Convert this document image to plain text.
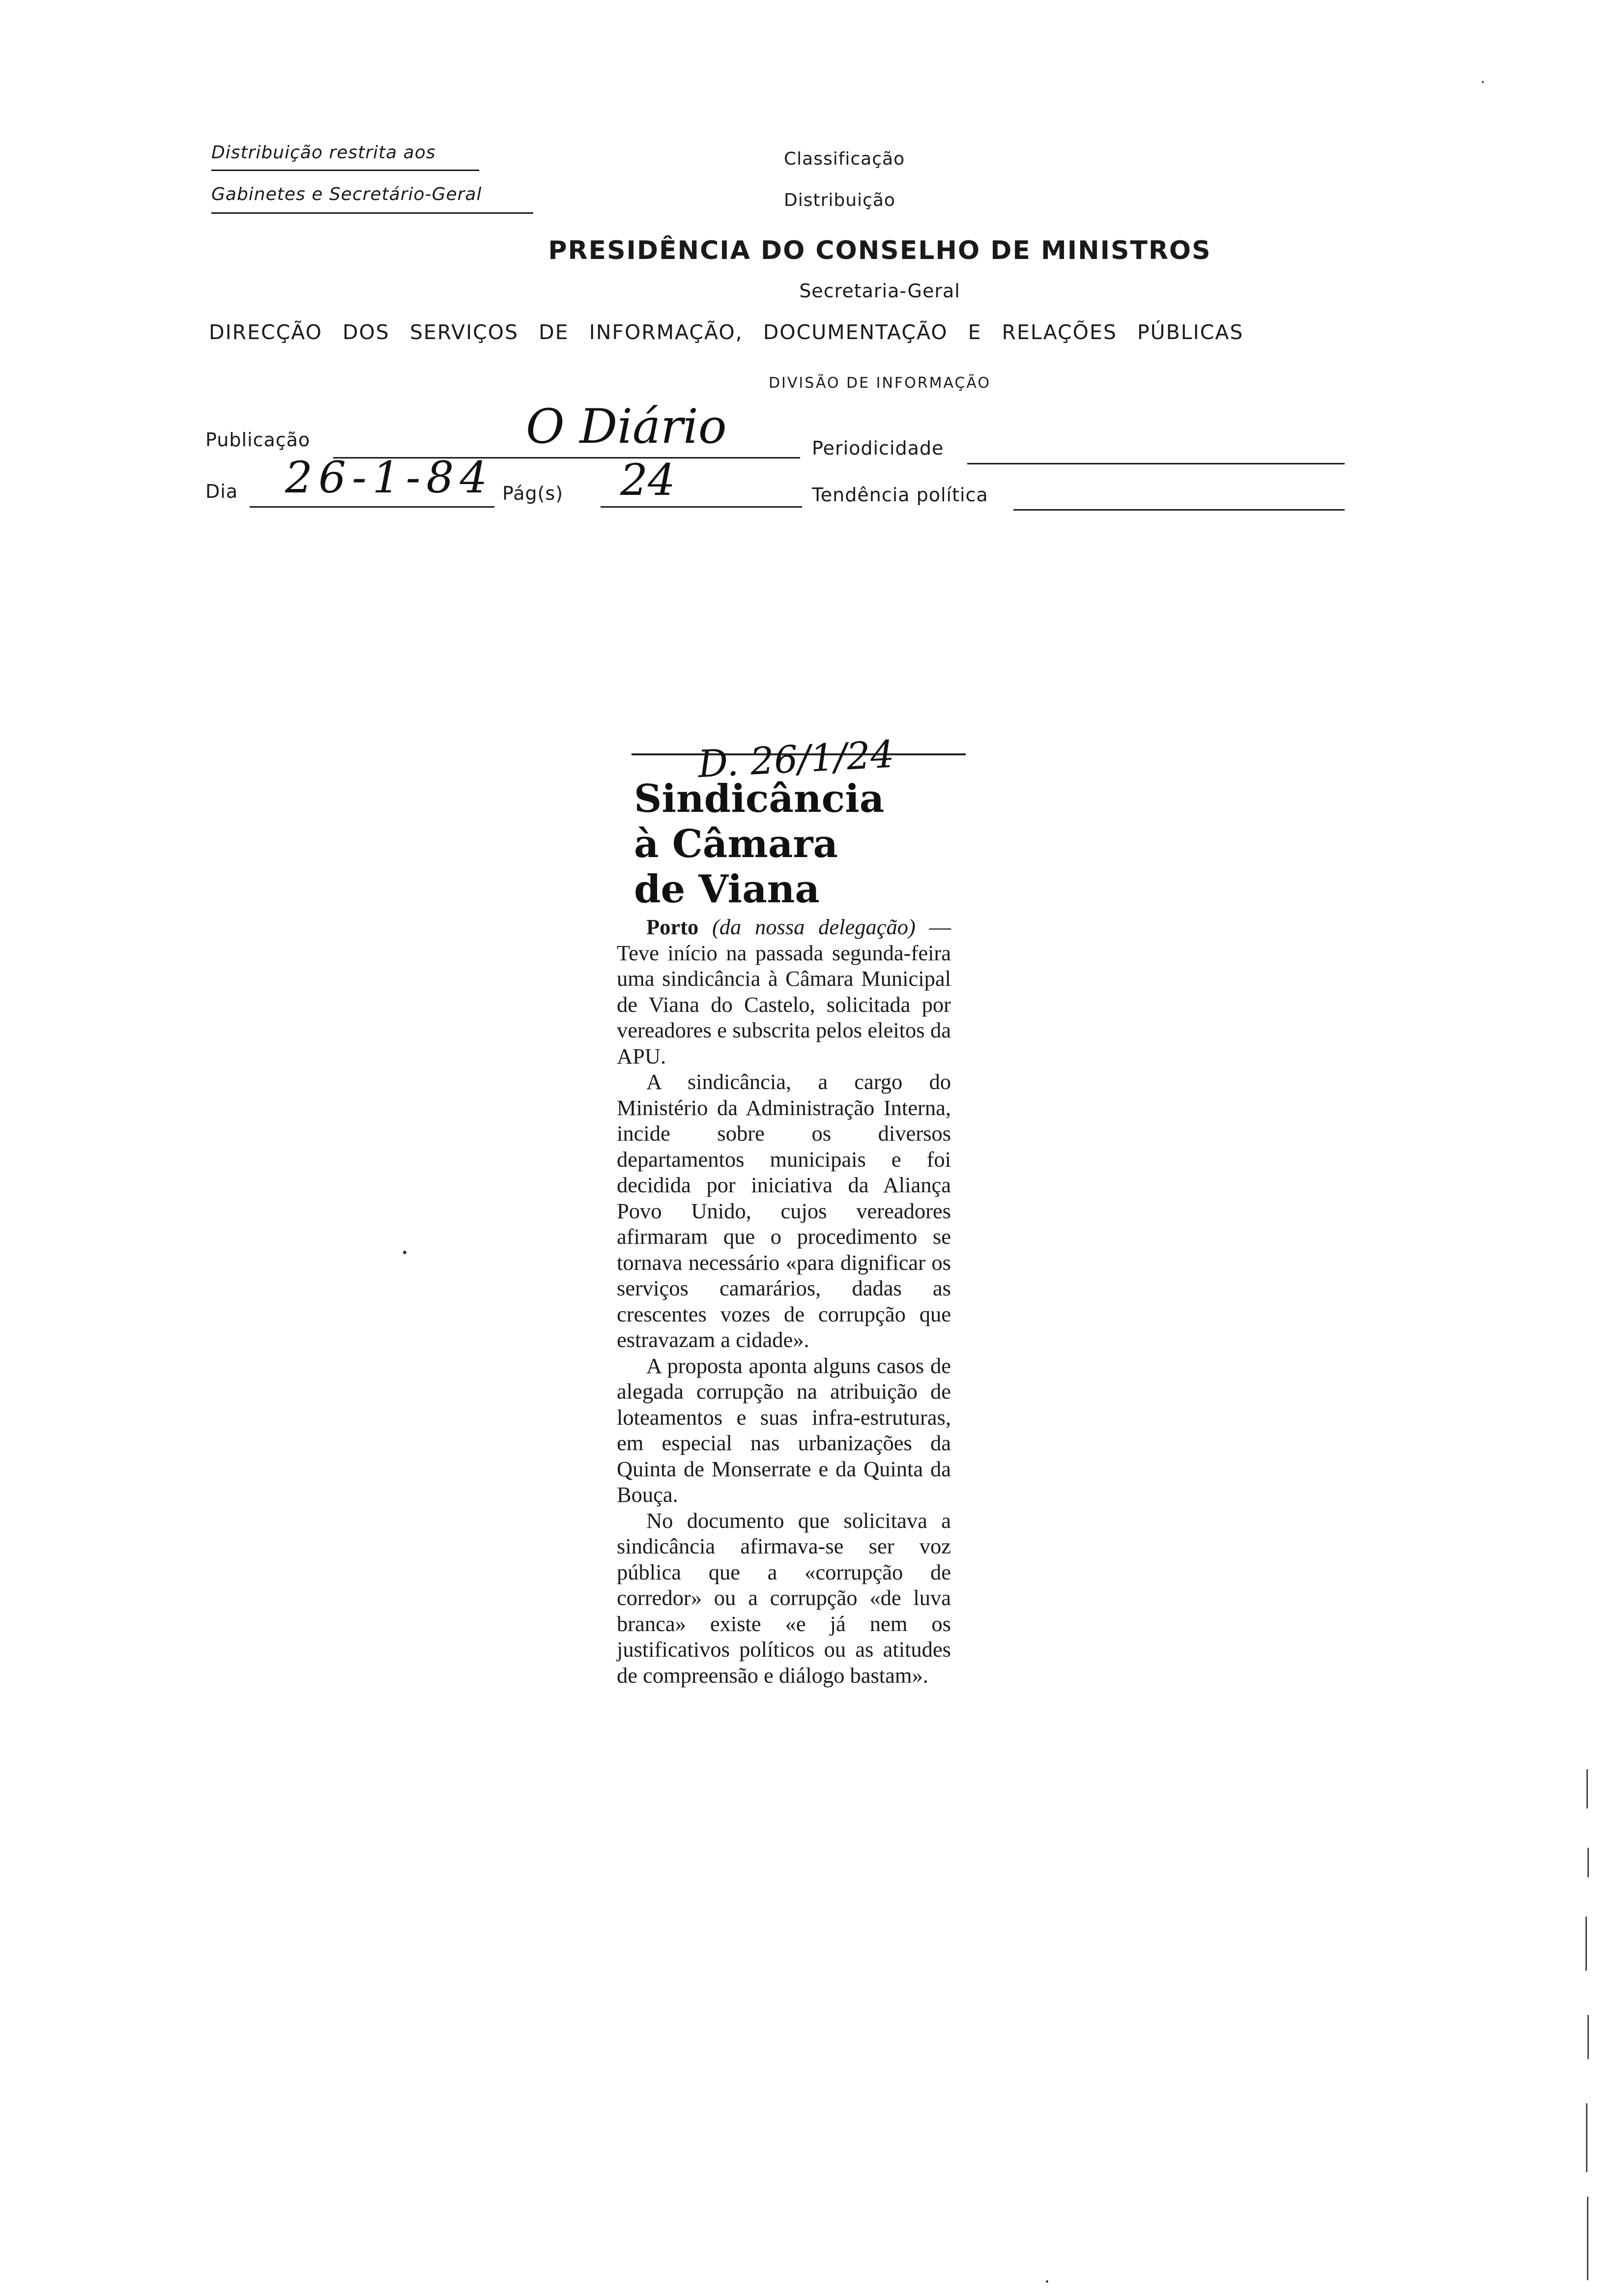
Distribuição restrita aos
Gabinetes e Secretário-Geral
Classificação
Distribuição
PRESIDÊNCIA DO CONSELHO DE MINISTROS
Secretaria-Geral
DIRECÇÃO DOS SERVIÇOS DE INFORMAÇÃO, DOCUMENTAÇÃO E RELAÇÕES PÚBLICAS
DIVISÃO DE INFORMAÇÃO
Publicação	O Diário	Periodicidade
Dia 26-1-84 Pág(s) 24	Tendência política
Sindicância
D. 26/1/24
à Câmara
de Viana

Porto (da nossa delegação) — Teve início na passada segunda-feira uma sindicância à Câmara Municipal de Viana do Castelo, solicitada por vereadores e subscrita pelos eleitos da APU.

A sindicância, a cargo do Ministério da Administração Interna, incide sobre os diversos departamentos municipais e foi decidida por iniciativa da Aliança Povo Unido, cujos vereadores afirmaram que o procedimento se tornava necessário «para dignificar os serviços camarários, dadas as crescentes vozes de corrupção que estravazam a cidade».

A proposta aponta alguns casos de alegada corrupção na atribuição de loteamentos e suas infra-estruturas, em especial nas urbanizações da Quinta de Monserrate e da Quinta da Bouça.

No documento que solicitava a sindicância afirmava-se ser voz pública que a «corrupção de corredor» ou a corrupção «de luva branca» existe «e já nem os justificativos políticos ou as atitudes de compreensão e diálogo bastam».
